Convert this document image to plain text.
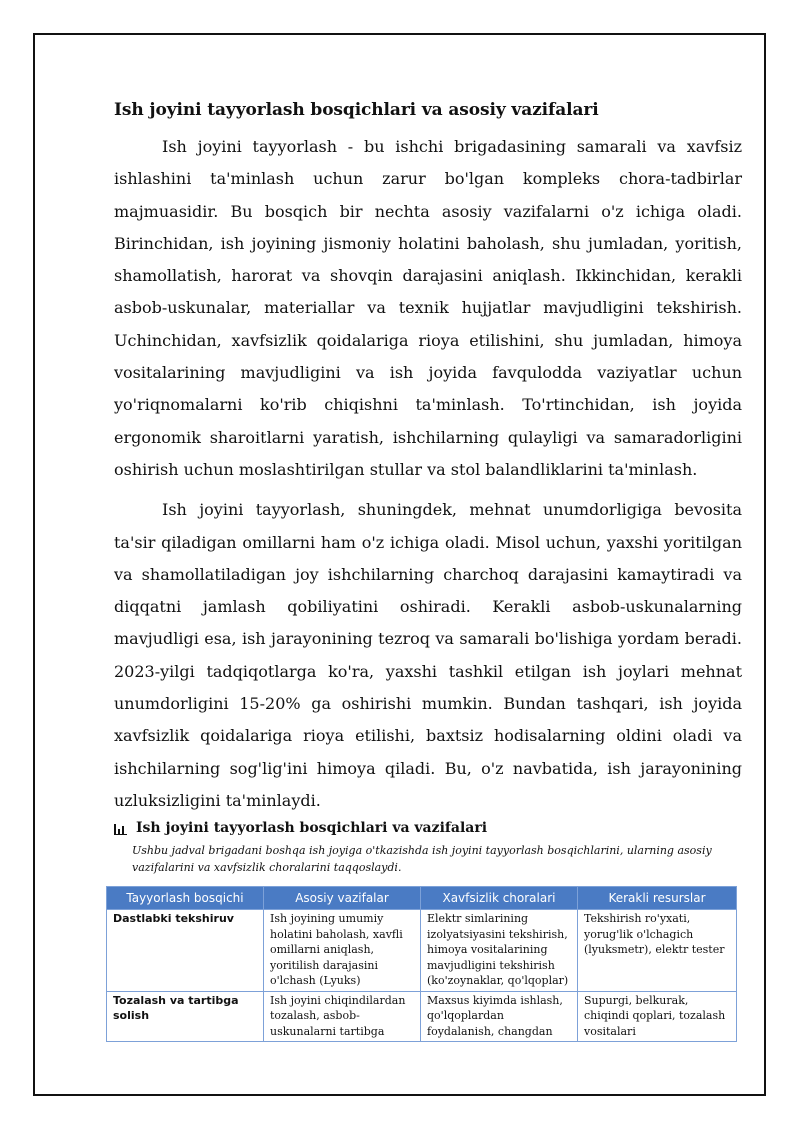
Ish joyini tayyorlash bosqichlari va asosiy vazifalari

Ish joyini tayyorlash - bu ishchi brigadasining samarali va xavfsiz ishlashini ta'minlash uchun zarur bo'lgan kompleks chora-tadbirlar majmuasidir. Bu bosqich bir nechta asosiy vazifalarni o'z ichiga oladi. Birinchidan, ish joyining jismoniy holatini baholash, shu jumladan, yoritish, shamollatish, harorat va shovqin darajasini aniqlash. Ikkinchidan, kerakli asbob-uskunalar, materiallar va texnik hujjatlar mavjudligini tekshirish. Uchinchidan, xavfsizlik qoidalariga rioya etilishini, shu jumladan, himoya vositalarining mavjudligini va ish joyida favqulodda vaziyatlar uchun yo'riqnomalarni ko'rib chiqishni ta'minlash. To'rtinchidan, ish joyida ergonomik sharoitlarni yaratish, ishchilarning qulayligi va samaradorligini oshirish uchun moslashtirilgan stullar va stol balandliklarini ta'minlash.

Ish joyini tayyorlash, shuningdek, mehnat unumdorligiga bevosita ta'sir qiladigan omillarni ham o'z ichiga oladi. Misol uchun, yaxshi yoritilgan va shamollatiladigan joy ishchilarning charchoq darajasini kamaytiradi va diqqatni jamlash qobiliyatini oshiradi. Kerakli asbob-uskunalarning mavjudligi esa, ish jarayonining tezroq va samarali bo'lishiga yordam beradi. 2023-yilgi tadqiqotlarga ko'ra, yaxshi tashkil etilgan ish joylari mehnat unumdorligini 15-20% ga oshirishi mumkin. Bundan tashqari, ish joyida xavfsizlik qoidalariga rioya etilishi, baxtsiz hodisalarning oldini oladi va ishchilarning sog'lig'ini himoya qiladi. Bu, o'z navbatida, ish jarayonining uzluksizligini ta'minlaydi.

Ish joyini tayyorlash bosqichlari va vazifalari
Ushbu jadval brigadani boshqa ish joyiga o'tkazishda ish joyini tayyorlash bosqichlarini, ularning asosiy vazifalarini va xavfsizlik choralarini taqqoslaydi.
Tayyorlash bosqichi	Asosiy vazifalar	Xavfsizlik choralari	Kerakli resurslar
Dastlabki tekshiruv	Ish joyining umumiy holatini baholash, xavfli omillarni aniqlash, yoritilish darajasini o'lchash (Lyuks)	Elektr simlarining izolyatsiyasini tekshirish, himoya vositalarining mavjudligini tekshirish (ko'zoynaklar, qo'lqoplar)	Tekshirish ro'yxati, yorug'lik o'lchagich (lyuksmetr), elektr tester
Tozalash va tartibga solish	Ish joyini chiqindilardan tozalash, asbob-uskunalarni tartibga	Maxsus kiyimda ishlash, qo'lqoplardan foydalanish, changdan	Supurgi, belkurak, chiqindi qoplari, tozalash vositalari
